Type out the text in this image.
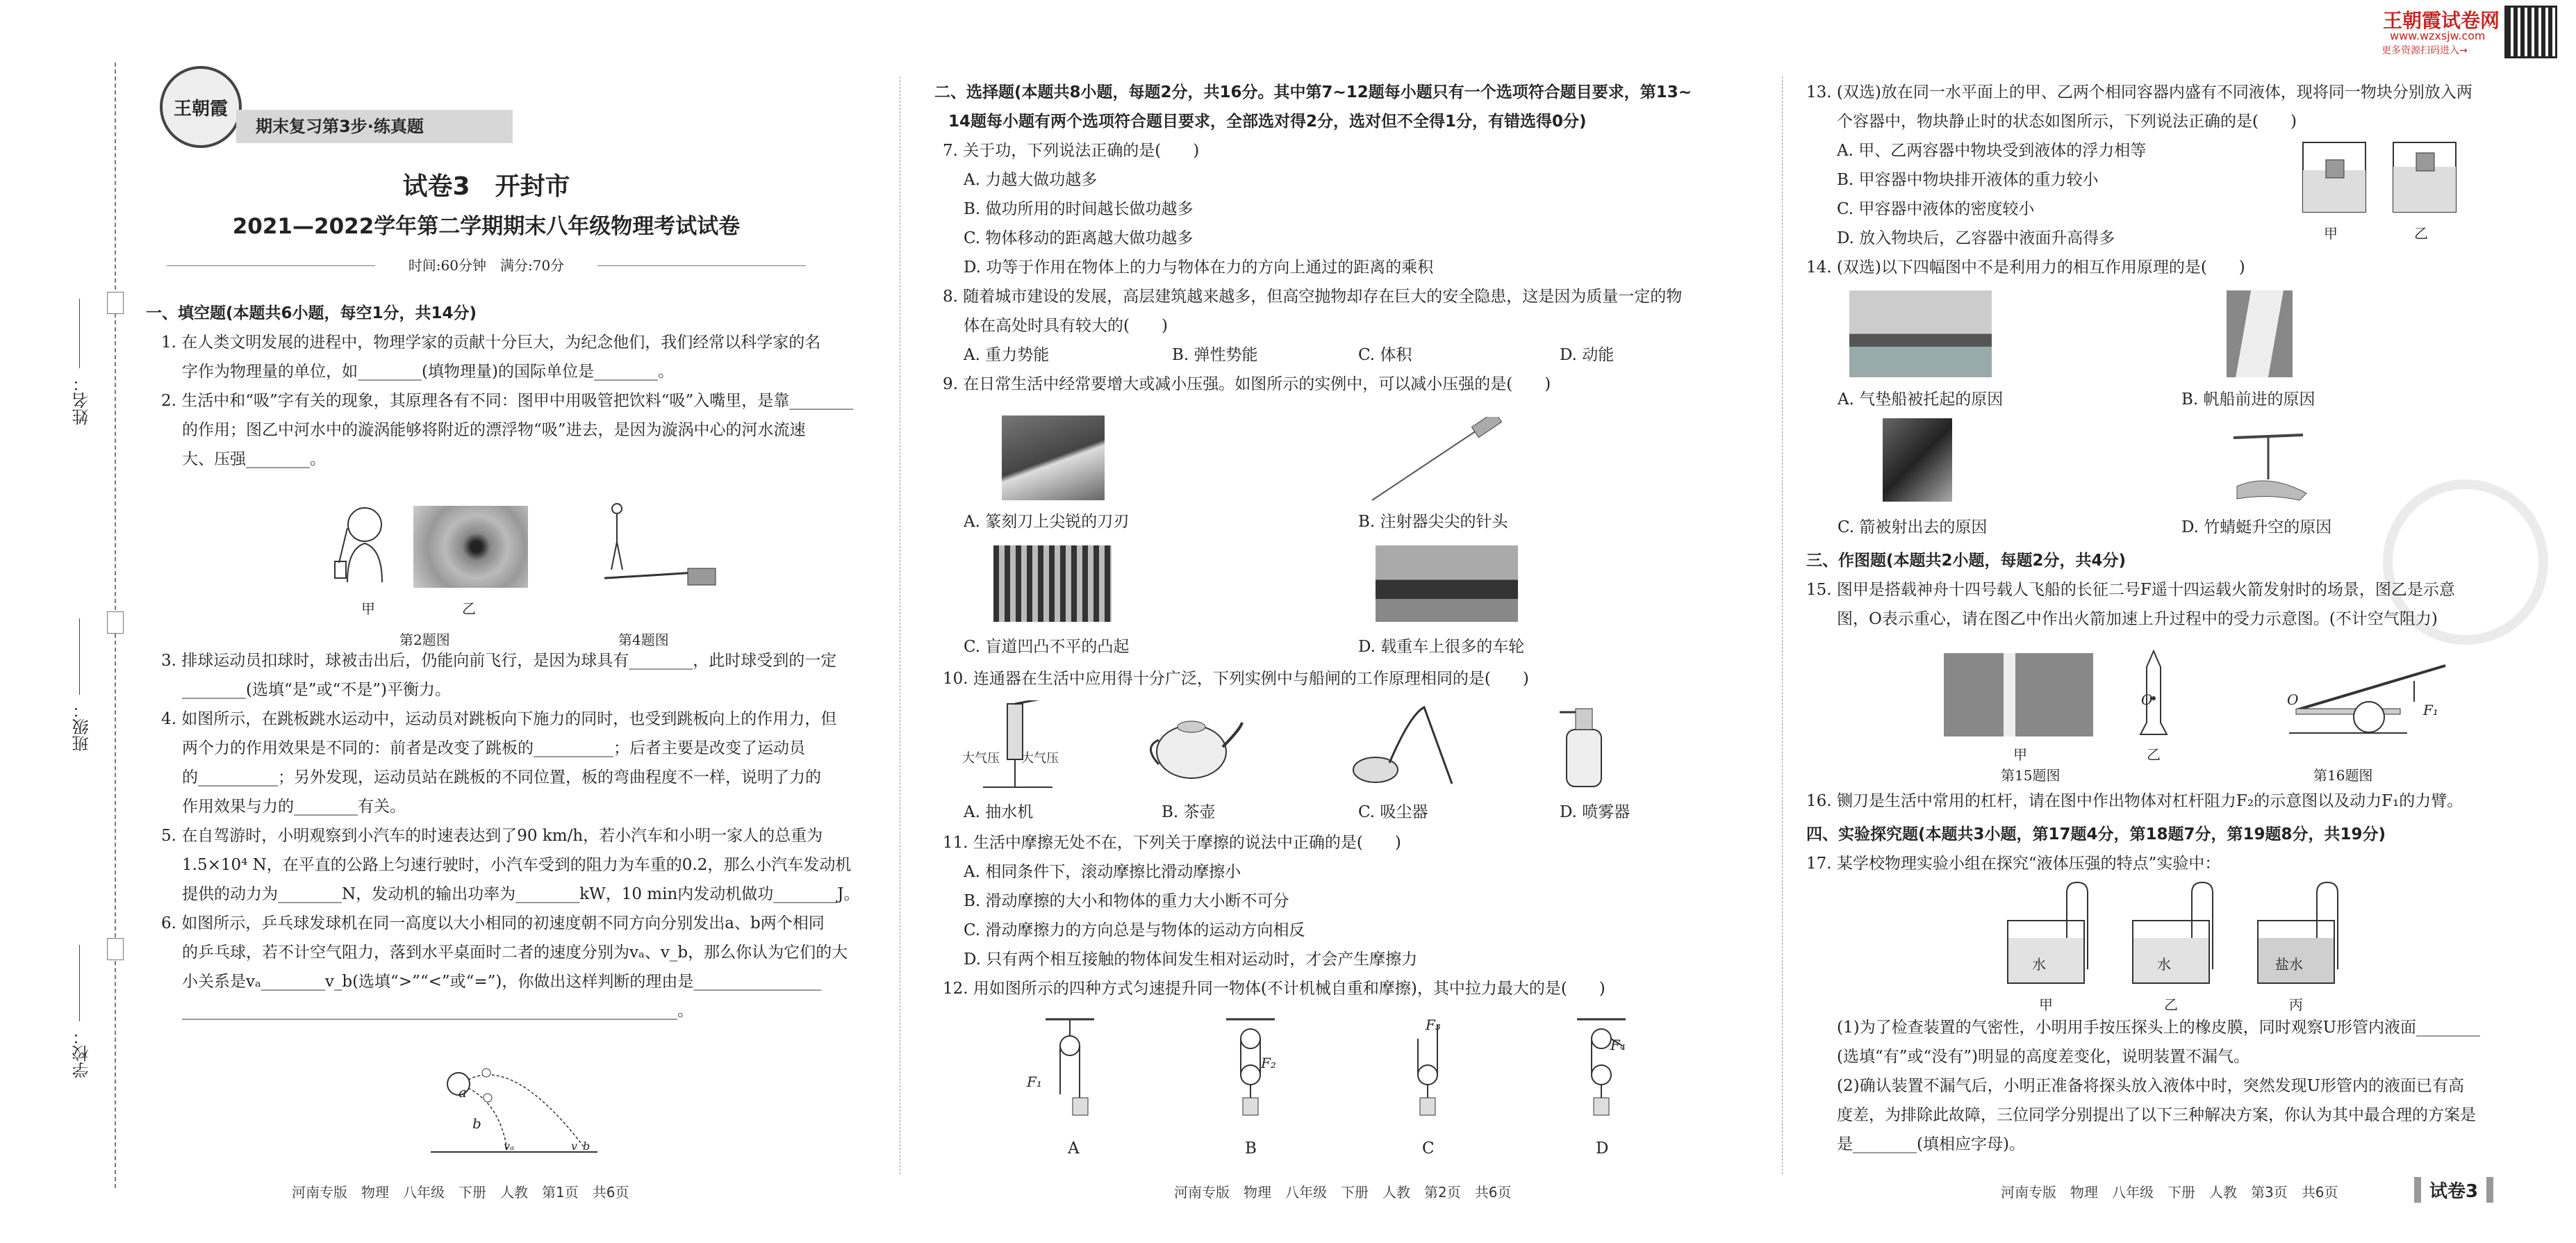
姓名：
班级：
学校：
王朝霞
期末复习第3步·练真题
王朝霞试卷网
www.wzxsjw.com
更多资源扫码进入→
试卷3　开封市
2021—2022学年第二学期期末八年级物理考试试卷
时间:60分钟　满分:70分
一、填空题(本题共6小题，每空1分，共14分)
1. 在人类文明发展的进程中，物理学家的贡献十分巨大，为纪念他们，我们经常以科学家的名
字作为物理量的单位，如________(填物理量)的国际单位是________。
2. 生活中和“吸”字有关的现象，其原理各有不同：图甲中用吸管把饮料“吸”入嘴里，是靠________
的作用；图乙中河水中的漩涡能够将附近的漂浮物“吸”进去，是因为漩涡中心的河水流速
大、压强________。
甲	乙
第2题图	第4题图
3. 排球运动员扣球时，球被击出后，仍能向前飞行，是因为球具有________，此时球受到的一定
________(选填“是”或“不是”)平衡力。
4. 如图所示，在跳板跳水运动中，运动员对跳板向下施力的同时，也受到跳板向上的作用力，但
两个力的作用效果是不同的：前者是改变了跳板的__________；后者主要是改变了运动员
的__________；另外发现，运动员站在跳板的不同位置，板的弯曲程度不一样，说明了力的
作用效果与力的________有关。
5. 在自驾游时，小明观察到小汽车的时速表达到了90 km/h，若小汽车和小明一家人的总重为
1.5×10⁴ N，在平直的公路上匀速行驶时，小汽车受到的阻力为车重的0.2，那么小汽车发动机
提供的动力为________N，发动机的输出功率为________kW，10 min内发动机做功________J。
6. 如图所示，乒乓球发球机在同一高度以大小相同的初速度朝不同方向分别发出a、b两个相同
的乒乓球，若不计空气阻力，落到水平桌面时二者的速度分别为vₐ、v_b，那么你认为它们的大
小关系是vₐ________v_b(选填“>”“<”或“=”)，你做出这样判断的理由是________________
______________________________________________________________。
a
b
vₐ	v_b
河南专版　物理　八年级　下册　人教　第1页　共6页
二、选择题(本题共8小题，每题2分，共16分。其中第7~12题每小题只有一个选项符合题目要求，第13~
14题每小题有两个选项符合题目要求，全部选对得2分，选对但不全得1分，有错选得0分)
7. 关于功，下列说法正确的是(　　)
A. 力越大做功越多
B. 做功所用的时间越长做功越多
C. 物体移动的距离越大做功越多
D. 功等于作用在物体上的力与物体在力的方向上通过的距离的乘积
8. 随着城市建设的发展，高层建筑越来越多，但高空抛物却存在巨大的安全隐患，这是因为质量一定的物
体在高处时具有较大的(　　)
A. 重力势能	B. 弹性势能	C. 体积	D. 动能
9. 在日常生活中经常要增大或减小压强。如图所示的实例中，可以减小压强的是(　　)
A. 篆刻刀上尖锐的刀刃	B. 注射器尖尖的针头
C. 盲道凹凸不平的凸起	D. 载重车上很多的车轮
10. 连通器在生活中应用得十分广泛，下列实例中与船闸的工作原理相同的是(　　)
大气压 大气压
A. 抽水机	B. 茶壶	C. 吸尘器	D. 喷雾器
11. 生活中摩擦无处不在，下列关于摩擦的说法中正确的是(　　)
A. 相同条件下，滚动摩擦比滑动摩擦小
B. 滑动摩擦的大小和物体的重力大小断不可分
C. 滑动摩擦力的方向总是与物体的运动方向相反
D. 只有两个相互接触的物体间发生相对运动时，才会产生摩擦力
12. 用如图所示的四种方式匀速提升同一物体(不计机械自重和摩擦)，其中拉力最大的是(　　)
F₁
F₂
F₃
F₄
A	B	C	D
河南专版　物理　八年级　下册　人教　第2页　共6页
13. (双选)放在同一水平面上的甲、乙两个相同容器内盛有不同液体，现将同一物块分别放入两
个容器中，物块静止时的状态如图所示，下列说法正确的是(　　)
A. 甲、乙两容器中物块受到液体的浮力相等
B. 甲容器中物块排开液体的重力较小
C. 甲容器中液体的密度较小
D. 放入物块后，乙容器中液面升高得多
14. (双选)以下四幅图中不是利用力的相互作用原理的是(　　)
甲	乙
A. 气垫船被托起的原因	B. 帆船前进的原因
C. 箭被射出去的原因	D. 竹蜻蜓升空的原因
三、作图题(本题共2小题，每题2分，共4分)
15. 图甲是搭载神舟十四号载人飞船的长征二号F遥十四运载火箭发射时的场景，图乙是示意
图，O表示重心，请在图乙中作出火箭加速上升过程中的受力示意图。(不计空气阻力)
O	O
F₁
甲	乙
第15题图	第16题图
16. 铡刀是生活中常用的杠杆，请在图中作出物体对杠杆阻力F₂的示意图以及动力F₁的力臂。
四、实验探究题(本题共3小题，第17题4分，第18题7分，第19题8分，共19分)
17. 某学校物理实验小组在探究“液体压强的特点”实验中：
水	水	盐水
甲	乙	丙
(1)为了检查装置的气密性，小明用手按压探头上的橡皮膜，同时观察U形管内液面________
(选填“有”或“没有”)明显的高度差变化，说明装置不漏气。
(2)确认装置不漏气后，小明正准备将探头放入液体中时，突然发现U形管内的液面已有高
度差，为排除此故障，三位同学分别提出了以下三种解决方案，你认为其中最合理的方案是
是________(填相应字母)。
河南专版　物理　八年级　下册　人教　第3页　共6页	试卷3
